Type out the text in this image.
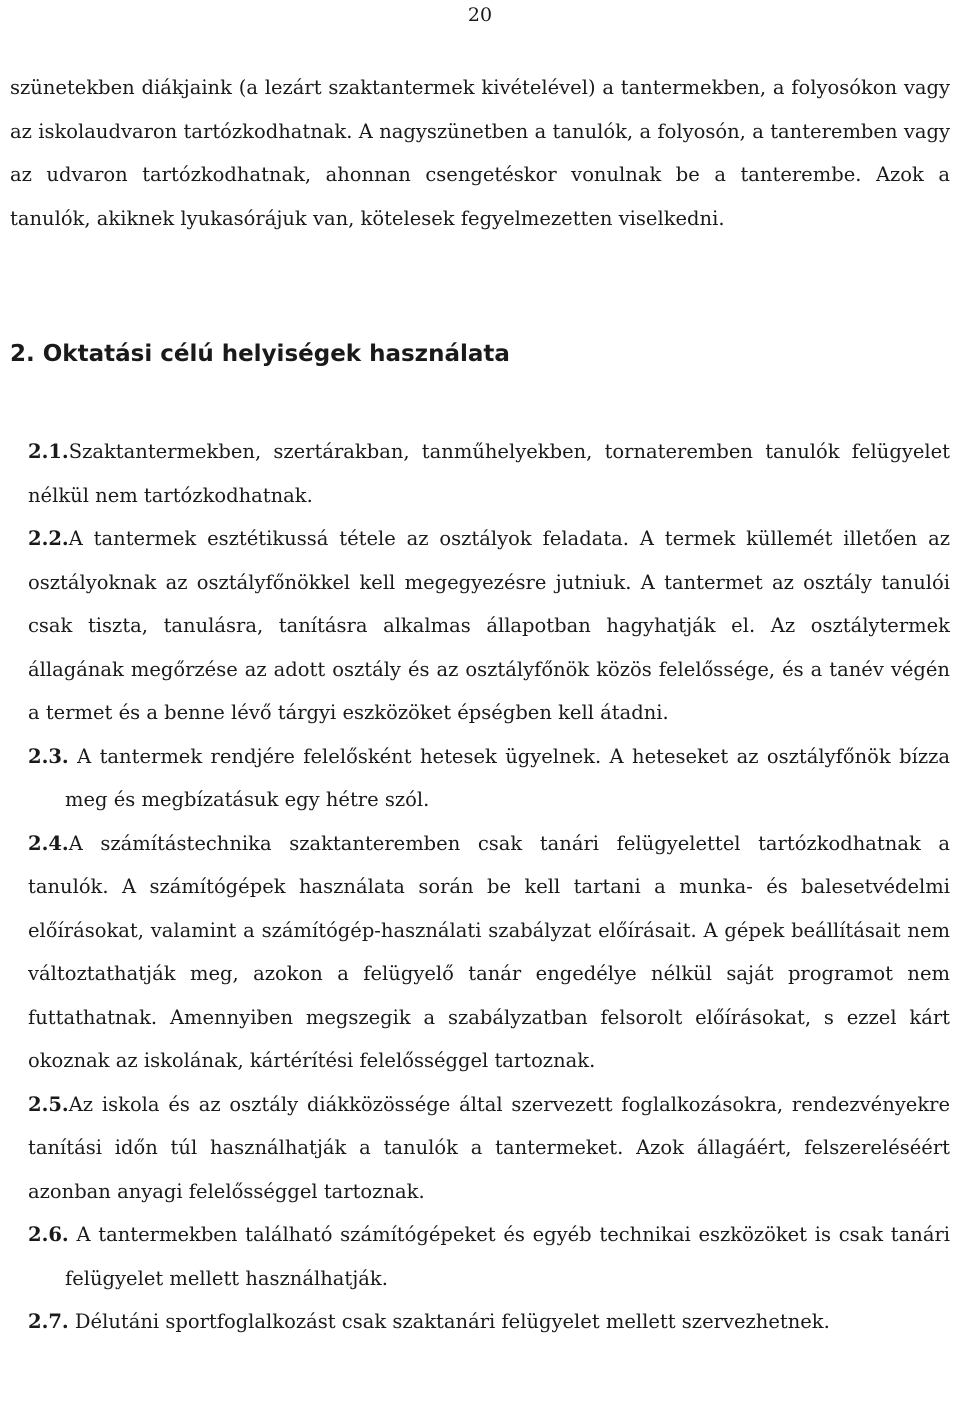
20

szünetekben diákjaink (a lezárt szaktantermek kivételével) a tantermekben, a folyosókon vagy az iskolaudvaron tartózkodhatnak. A nagyszünetben a tanulók, a folyosón, a tanteremben vagy az udvaron tartózkodhatnak, ahonnan csengetéskor vonulnak be a tanterembe. Azok a tanulók, akiknek lyukasórájuk van, kötelesek fegyelmezetten viselkedni.

2. Oktatási célú helyiségek használata

2.1.Szaktantermekben, szertárakban, tanműhelyekben, tornateremben tanulók felügyelet nélkül nem tartózkodhatnak.

2.2.A tantermek esztétikussá tétele az osztályok feladata. A termek küllemét illetően az osztályoknak az osztályfőnökkel kell megegyezésre jutniuk. A tantermet az osztály tanulói csak tiszta, tanulásra, tanításra alkalmas állapotban hagyhatják el. Az osztálytermek állagának megőrzése az adott osztály és az osztályfőnök közös felelőssége, és a tanév végén a termet és a benne lévő tárgyi eszközöket épségben kell átadni.

2.3. A tantermek rendjére felelősként hetesek ügyelnek. A heteseket az osztályfőnök bízza meg és megbízatásuk egy hétre szól.

2.4.A számítástechnika szaktanteremben csak tanári felügyelettel tartózkodhatnak a tanulók. A számítógépek használata során be kell tartani a munka- és balesetvédelmi előírásokat, valamint a számítógép-használati szabályzat előírásait. A gépek beállításait nem változtathatják meg, azokon a felügyelő tanár engedélye nélkül saját programot nem futtathatnak. Amennyiben megszegik a szabályzatban felsorolt előírásokat, s ezzel kárt okoznak az iskolának, kártérítési felelősséggel tartoznak.

2.5.Az iskola és az osztály diákközössége által szervezett foglalkozásokra, rendezvényekre tanítási időn túl használhatják a tanulók a tantermeket. Azok állagáért, felszereléséért azonban anyagi felelősséggel tartoznak.

2.6. A tantermekben található számítógépeket és egyéb technikai eszközöket is csak tanári felügyelet mellett használhatják.

2.7. Délutáni sportfoglalkozást csak szaktanári felügyelet mellett szervezhetnek.
